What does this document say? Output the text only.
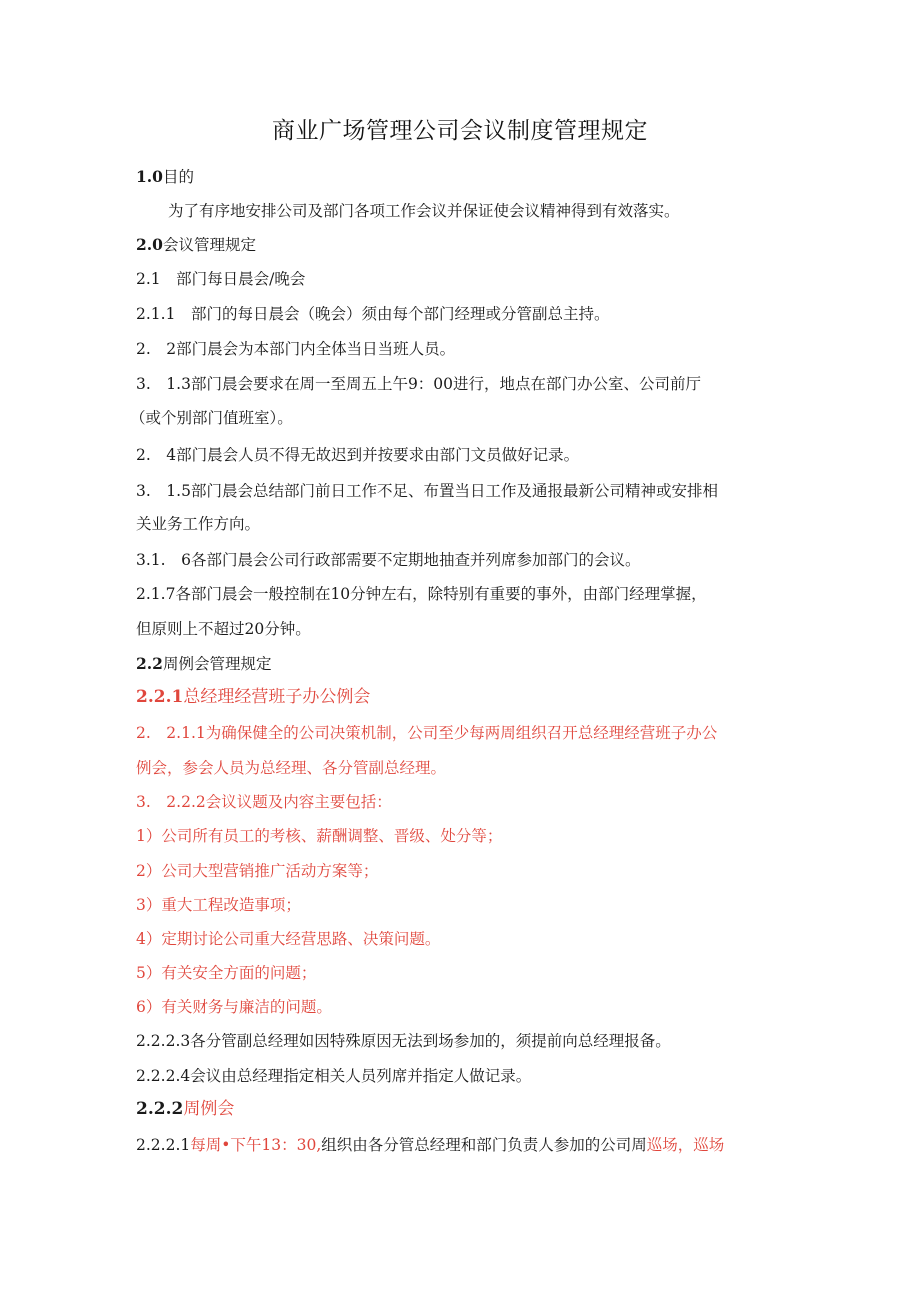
商业广场管理公司会议制度管理规定
1.0目的
为了有序地安排公司及部门各项工作会议并保证使会议精神得到有效落实。
2.0会议管理规定
2.1　部门每日晨会/晚会
2.1.1　部门的每日晨会（晚会）须由每个部门经理或分管副总主持。
2.　2部门晨会为本部门内全体当日当班人员。
3.　1.3部门晨会要求在周一至周五上午9：00进行，地点在部门办公室、公司前厅
（或个别部门值班室）。
2.　4部门晨会人员不得无故迟到并按要求由部门文员做好记录。
3.　1.5部门晨会总结部门前日工作不足、布置当日工作及通报最新公司精神或安排相
关业务工作方向。
3.1.　6各部门晨会公司行政部需要不定期地抽查并列席参加部门的会议。
2.1.7各部门晨会一般控制在10分钟左右，除特别有重要的事外，由部门经理掌握，
但原则上不超过20分钟。
2.2周例会管理规定
2.2.1总经理经营班子办公例会
2.　2.1.1为确保健全的公司决策机制，公司至少每两周组织召开总经理经营班子办公
例会，参会人员为总经理、各分管副总经理。
3.　2.2.2会议议题及内容主要包括：
1）公司所有员工的考核、薪酬调整、晋级、处分等；
2）公司大型营销推广活动方案等；
3）重大工程改造事项；
4）定期讨论公司重大经营思路、决策问题。
5）有关安全方面的问题；
6）有关财务与廉洁的问题。
2.2.2.3各分管副总经理如因特殊原因无法到场参加的，须提前向总经理报备。
2.2.2.4会议由总经理指定相关人员列席并指定人做记录。
2.2.2周例会
2.2.2.1每周•下午13：30,组织由各分管总经理和部门负责人参加的公司周巡场，巡场
